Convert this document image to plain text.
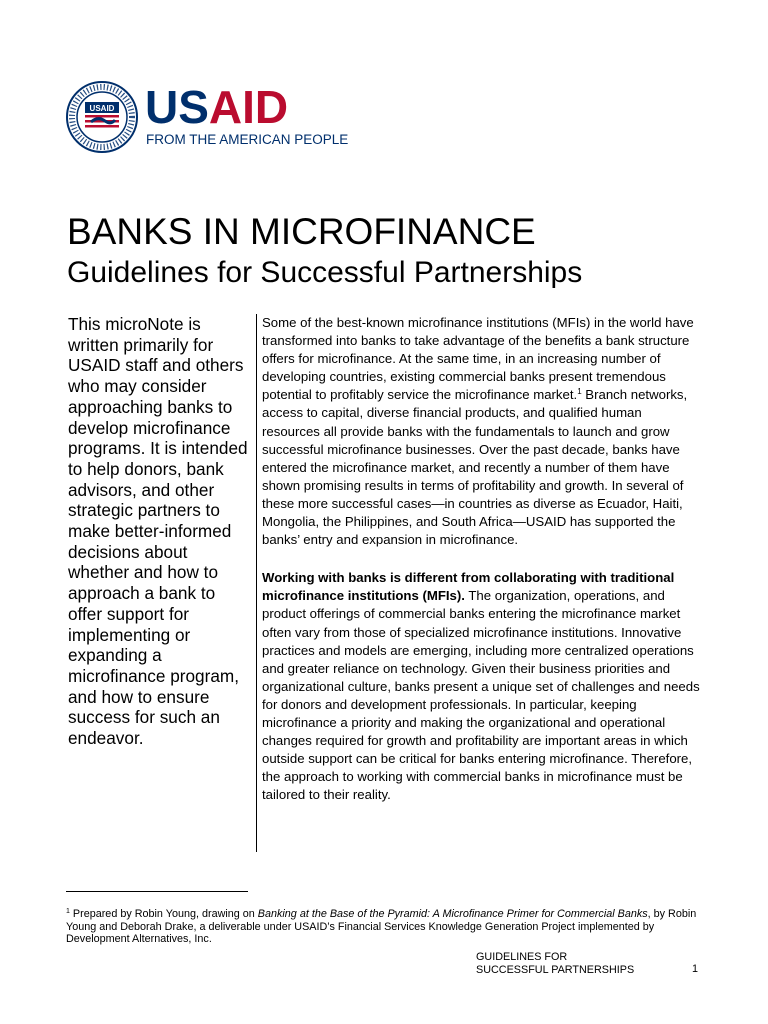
USAID USAID
FROM THE AMERICAN PEOPLE
BANKS IN MICROFINANCE
Guidelines for Successful Partnerships
This microNote is written primarily for USAID staff and others who may consider approaching banks to develop microfinance programs. It is intended to help donors, bank advisors, and other strategic partners to make better-informed decisions about whether and how to approach a bank to offer support for implementing or expanding a microfinance program, and how to ensure success for such an endeavor.

Some of the best-known microfinance institutions (MFIs) in the world have transformed into banks to take advantage of the benefits a bank structure offers for microfinance. At the same time, in an increasing number of developing countries, existing commercial banks present tremendous potential to profitably service the microfinance market.$^1$ Branch networks, access to capital, diverse financial products, and qualified human resources all provide banks with the fundamentals to launch and grow successful microfinance businesses. Over the past decade, banks have entered the microfinance market, and recently a number of them have shown promising results in terms of profitability and growth. In several of these more successful cases—in countries as diverse as Ecuador, Haiti, Mongolia, the Philippines, and South Africa—USAID has supported the banks’ entry and expansion in microfinance.

Working with banks is different from collaborating with traditional microfinance institutions (MFIs). The organization, operations, and product offerings of commercial banks entering the microfinance market often vary from those of specialized microfinance institutions. Innovative practices and models are emerging, including more centralized operations and greater reliance on technology. Given their business priorities and organizational culture, banks present a unique set of challenges and needs for donors and development professionals. In particular, keeping microfinance a priority and making the organizational and operational changes required for growth and profitability are important areas in which outside support can be critical for banks entering microfinance. Therefore, the approach to working with commercial banks in microfinance must be tailored to their reality.

$^1$ Prepared by Robin Young, drawing on Banking at the Base of the Pyramid: A Microfinance Primer for Commercial Banks, by Robin Young and Deborah Drake, a deliverable under USAID’s Financial Services Knowledge Generation Project implemented by Development Alternatives, Inc.
GUIDELINES FOR
SUCCESSFUL PARTNERSHIPS	1
